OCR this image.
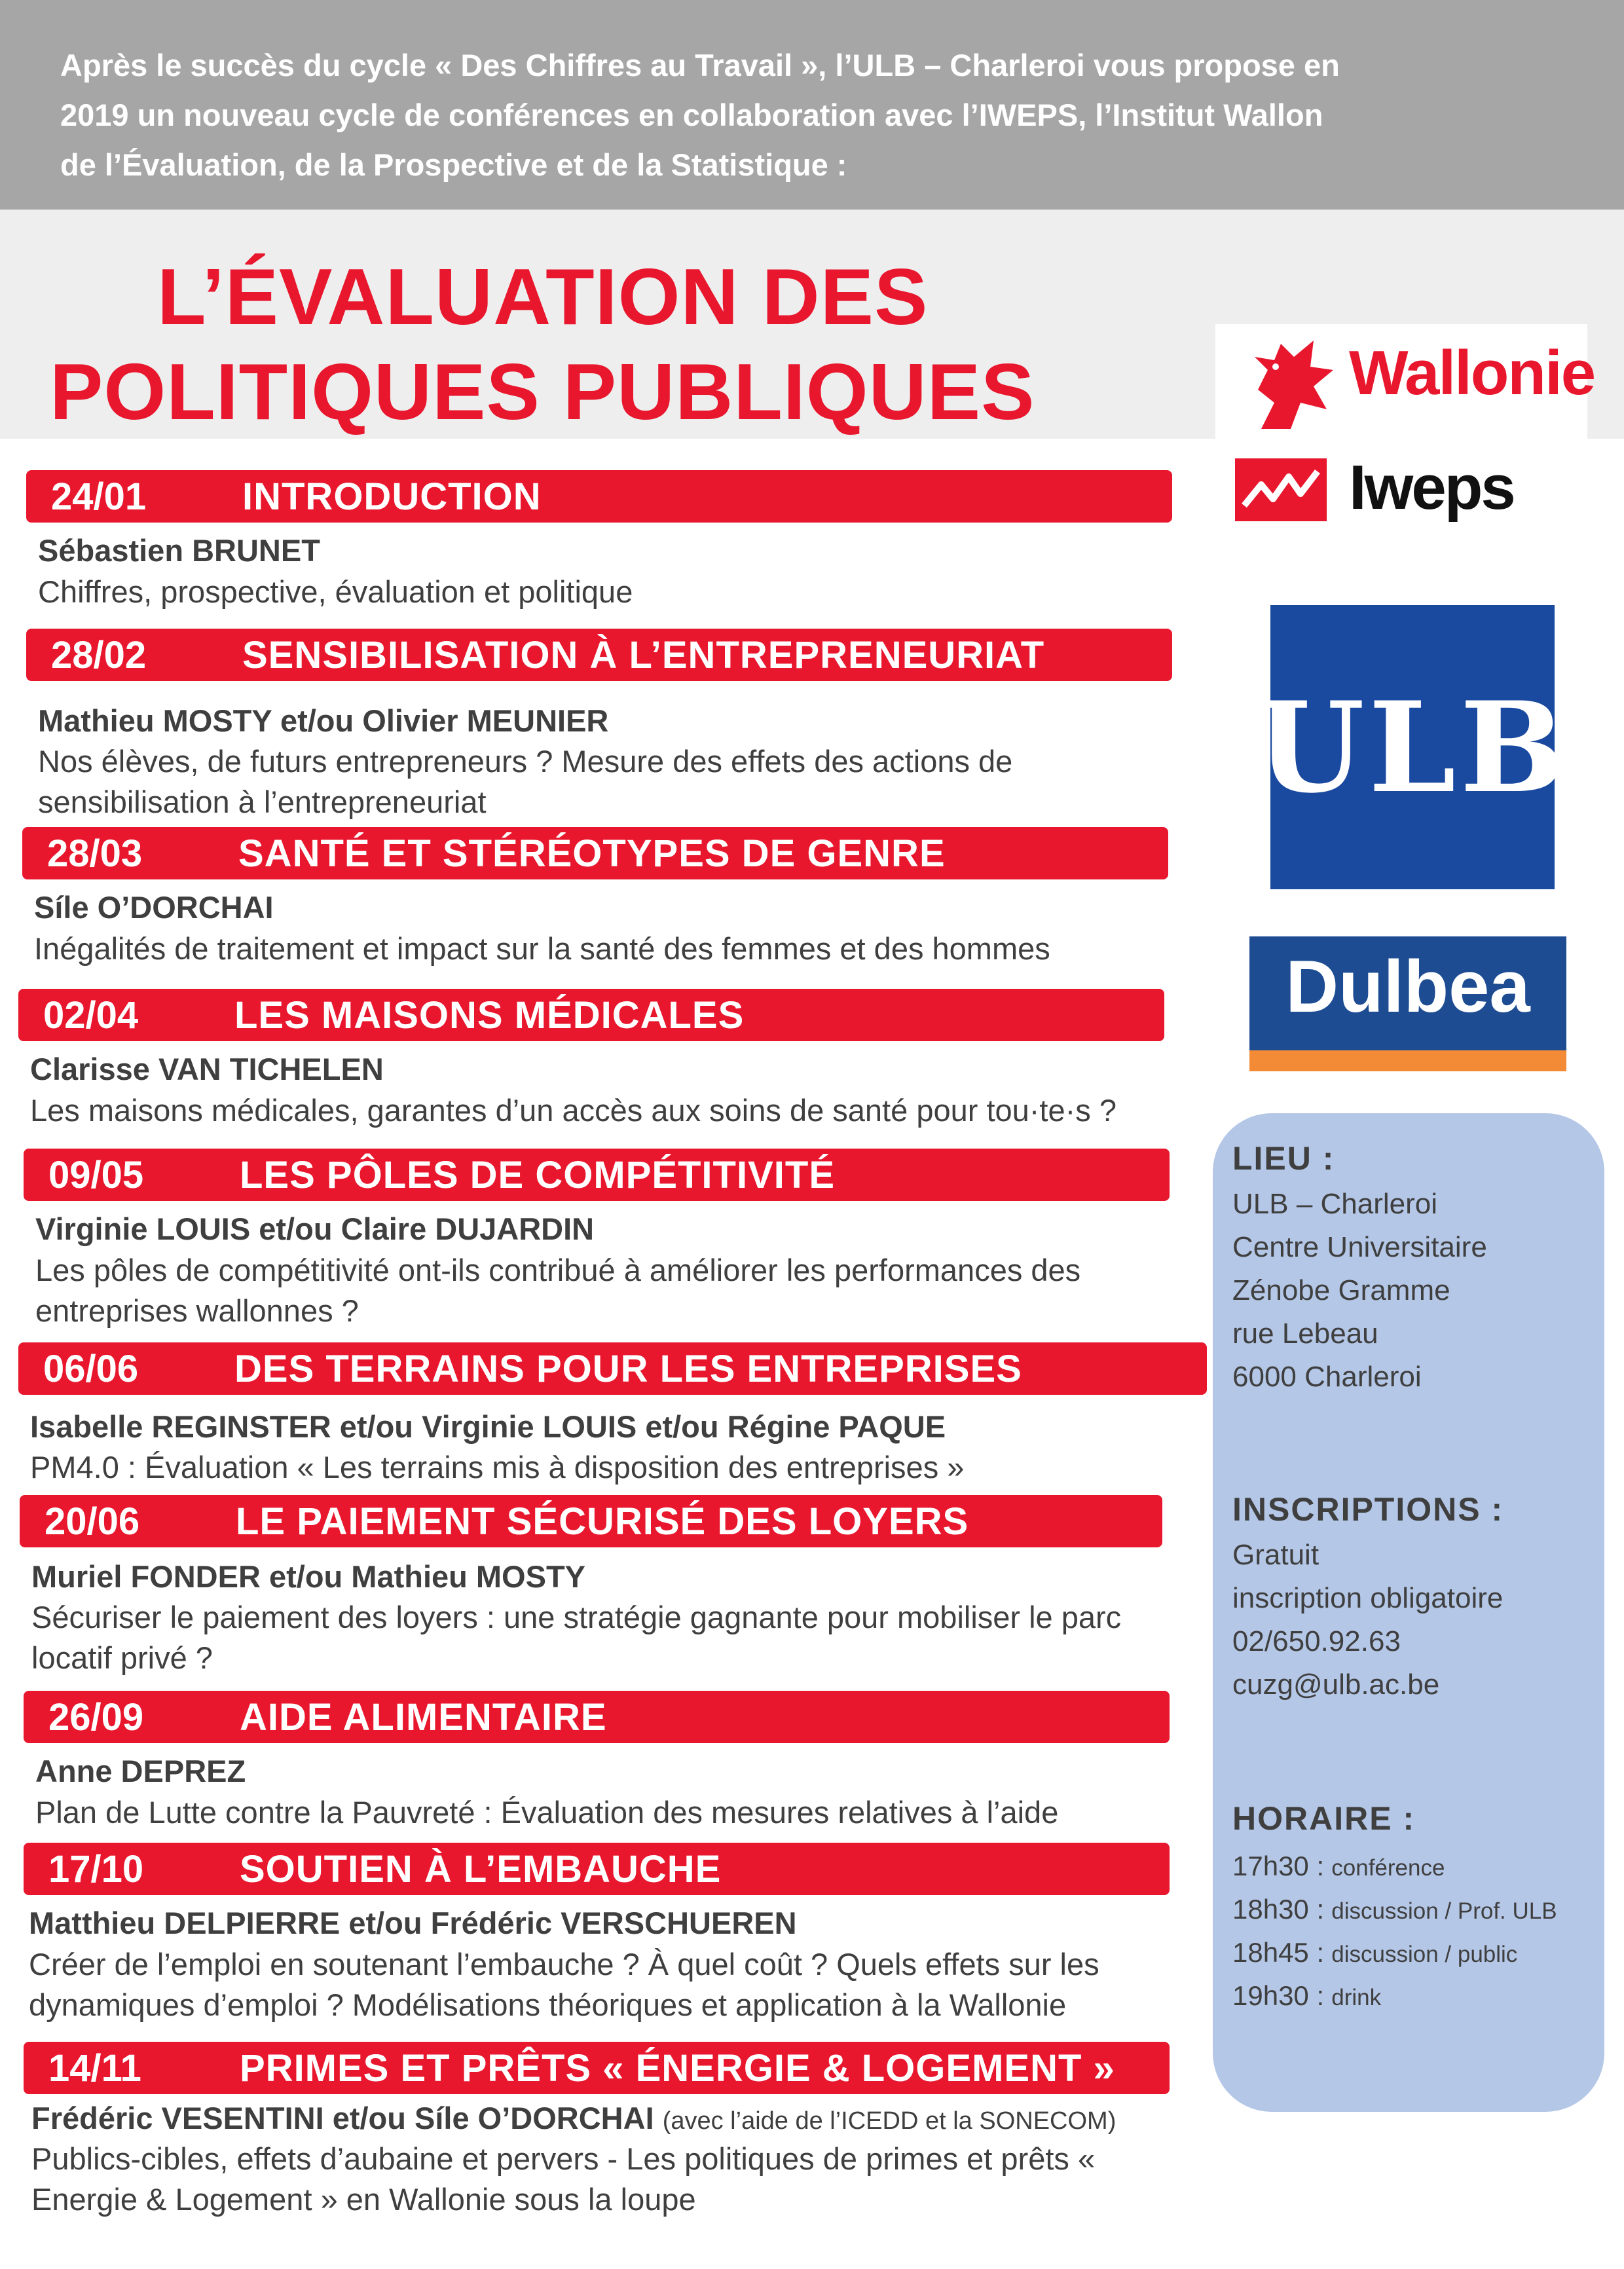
Après le succès du cycle « Des Chiffres au Travail », l’ULB – Charleroi vous propose en
2019 un nouveau cycle de conférences en collaboration avec l’IWEPS, l’Institut Wallon
de l’Évaluation, de la Prospective et de la Statistique :
L’ÉVALUATION DES
POLITIQUES PUBLIQUES	Wallonie
Iweps
ULB
Dulbea
24/01	INTRODUCTION
Sébastien BRUNET
Chiffres, prospective, évaluation et politique
28/02	SENSIBILISATION À L’ENTREPRENEURIAT
Mathieu MOSTY et/ou Olivier MEUNIER
Nos élèves, de futurs entrepreneurs ? Mesure des effets des actions de sensibilisation à l’entrepreneuriat
28/03	SANTÉ ET STÉRÉOTYPES DE GENRE
Síle O’DORCHAI
Inégalités de traitement et impact sur la santé des femmes et des hommes
02/04	LES MAISONS MÉDICALES
Clarisse VAN TICHELEN
Les maisons médicales, garantes d’un accès aux soins de santé pour tou·te·s ?
09/05	LES PÔLES DE COMPÉTITIVITÉ
Virginie LOUIS et/ou Claire DUJARDIN
Les pôles de compétitivité ont-ils contribué à améliorer les performances des entreprises wallonnes ?
06/06	DES TERRAINS POUR LES ENTREPRISES
Isabelle REGINSTER et/ou Virginie LOUIS et/ou Régine PAQUE
PM4.0 : Évaluation « Les terrains mis à disposition des entreprises »
20/06	LE PAIEMENT SÉCURISÉ DES LOYERS
Muriel FONDER et/ou Mathieu MOSTY
Sécuriser le paiement des loyers : une stratégie gagnante pour mobiliser le parc locatif privé ?
26/09	AIDE ALIMENTAIRE
Anne DEPREZ
Plan de Lutte contre la Pauvreté : Évaluation des mesures relatives à l’aide
17/10	SOUTIEN À L’EMBAUCHE
Matthieu DELPIERRE et/ou Frédéric VERSCHUEREN
Créer de l’emploi en soutenant l’embauche ? À quel coût ? Quels effets sur les dynamiques d’emploi ? Modélisations théoriques et application à la Wallonie
14/11	PRIMES ET PRÊTS « ÉNERGIE & LOGEMENT »
Frédéric VESENTINI et/ou Síle O’DORCHAI (avec l’aide de l’ICEDD et la SONECOM)
Publics-cibles, effets d’aubaine et pervers - Les politiques de primes et prêts « Energie & Logement » en Wallonie sous la loupe
LIEU :
ULB – Charleroi
Centre Universitaire
Zénobe Gramme
rue Lebeau
6000 Charleroi
INSCRIPTIONS :
Gratuit
inscription obligatoire
02/650.92.63
cuzg@ulb.ac.be
HORAIRE :
17h30 : conférence
18h30 : discussion / Prof. ULB
18h45 : discussion / public
19h30 : drink
